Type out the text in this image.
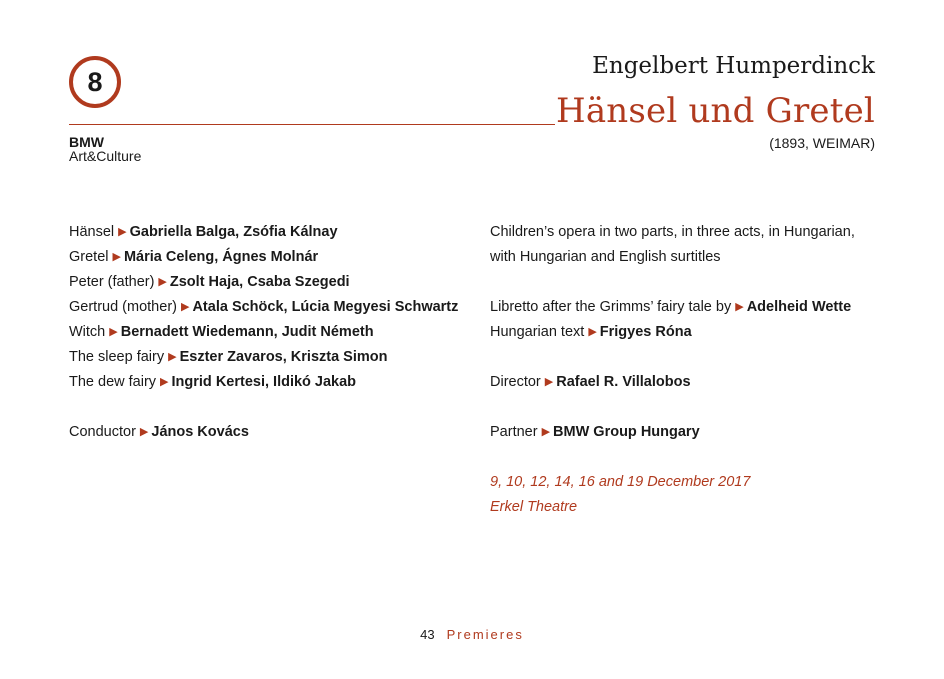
8
BMW
Art&Culture
Engelbert Humperdinck
Hänsel und Gretel
(1893, WEIMAR)
Hänsel ▶ Gabriella Balga, Zsófia Kálnay
Gretel ▶ Mária Celeng, Ágnes Molnár
Peter (father) ▶ Zsolt Haja, Csaba Szegedi
Gertrud (mother) ▶ Atala Schöck, Lúcia Megyesi Schwartz
Witch ▶ Bernadett Wiedemann, Judit Németh
The sleep fairy ▶ Eszter Zavaros, Kriszta Simon
The dew fairy ▶ Ingrid Kertesi, Ildikó Jakab
Conductor ▶ János Kovács
Children’s opera in two parts, in three acts, in Hungarian,
with Hungarian and English surtitles
Libretto after the Grimms’ fairy tale by ▶ Adelheid Wette
Hungarian text ▶ Frigyes Róna
Director ▶ Rafael R. Villalobos
Partner ▶ BMW Group Hungary
9, 10, 12, 14, 16 and 19 December 2017
Erkel Theatre
43 Premieres
